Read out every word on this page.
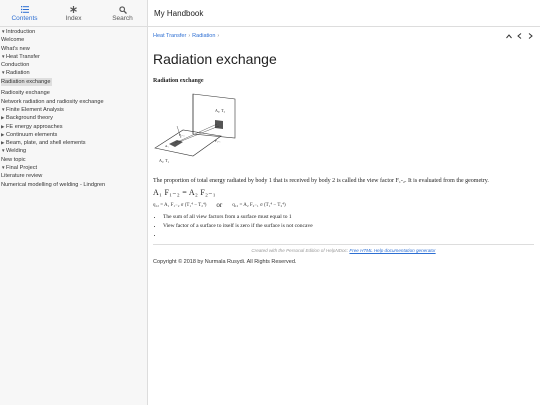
Contents	Index	Search
▼Introduction
Welcome
What's new
▼Heat Transfer
Conduction
▼Radiation
Radiation exchange
Radiosity exchange
Network radiation and radiosity exchange
▼Finite Element Analysis
▶ Background theory
▶ FE energy approaches
▶ Continuum elements
▶ Beam, plate, and shell elements
▼Welding
New topic
▼Final Project
Literature review
Numerical modelling of welding - Lindgren
My Handbook
Heat Transfer › Radiation ›
Radiation exchange
Radiation exchange
A₂, T₂
A₁, T₁
A₁
F₁-₂
F₂-₁
The proportion of total energy radiated by body 1 that is received by body 2 is called the view factor F₁-₂. It is evaluated from the geometry.
A₁ F₁₋₂ = A₂ F₂₋₁
q₁₂ = A₁ F₁₋₂ σ (T₁⁴ − T₂⁴) or q₁₂ = A₂ F₂₋₁ σ (T₁⁴ − T₂⁴)
• The sum of all view factors from a surface must equal to 1
• View factor of a surface to itself is zero if the surface is not concave
•
Created with the Personal Edition of HelpNDoc: Free HTML Help documentation generator
Copyright © 2018 by Nurmala Rusydi. All Rights Reserved.
